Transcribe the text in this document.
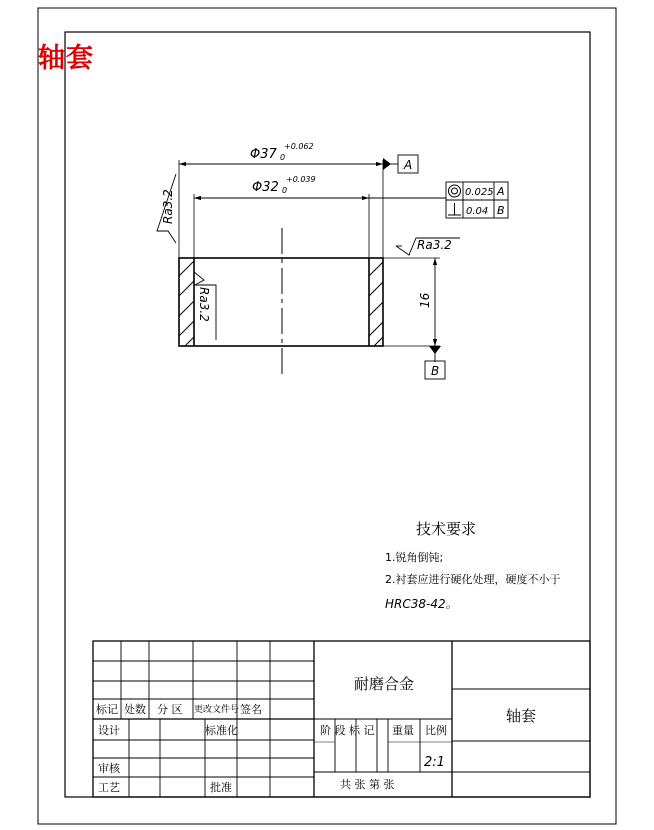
轴套
Φ37
+0.062
0
Φ32
+0.039
0
16
A
B
0.025 A
0.04 B
Ra3.2
Ra3.2
Ra3.2
技术要求
1.锐角倒钝;
2.衬套应进行硬化处理，硬度不小于
HRC38-42。
标记 处数 分 区 更改文件号 签名
设计	标准化
审核
工艺	批准
耐磨合金
阶 段 标 记 重量 比例
2:1
共 张 第 张
轴套
